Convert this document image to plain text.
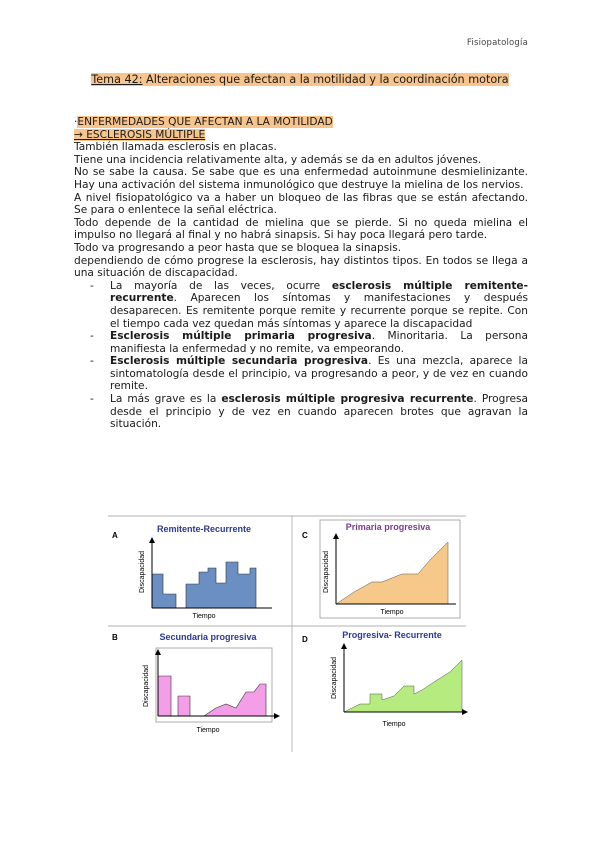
Fisiopatología
Tema 42: Alteraciones que afectan a la motilidad y la coordinación motora

·ENFERMEDADES QUE AFECTAN A LA MOTILIDAD

→ ESCLEROSIS MÚLTIPLE

También llamada esclerosis en placas.

Tiene una incidencia relativamente alta, y además se da en adultos jóvenes.

No se sabe la causa. Se sabe que es una enfermedad autoinmune desmielinizante. Hay una activación del sistema inmunológico que destruye la mielina de los nervios.

A nivel fisiopatológico va a haber un bloqueo de las fibras que se están afectando. Se para o enlentece la señal eléctrica.

Todo depende de la cantidad de mielina que se pierde. Si no queda mielina el impulso no llegará al final y no habrá sinapsis. Si hay poca llegará pero tarde.

Todo va progresando a peor hasta que se bloquea la sinapsis.

dependiendo de cómo progrese la esclerosis, hay distintos tipos. En todos se llega a una situación de discapacidad.

- La mayoría de las veces, ocurre esclerosis múltiple remitente-recurrente. Aparecen los síntomas y manifestaciones y después desaparecen. Es remitente porque remite y recurrente porque se repite. Con el tiempo cada vez quedan más síntomas y aparece la discapacidad
- Esclerosis múltiple primaria progresiva. Minoritaria. La persona manifiesta la enfermedad y no remite, va empeorando.
- Esclerosis múltiple secundaria progresiva. Es una mezcla, aparece la sintomatología desde el principio, va progresando a peor, y de vez en cuando remite.
- La más grave es la esclerosis múltiple progresiva recurrente. Progresa desde el principio y de vez en cuando aparecen brotes que agravan la situación.
A
Remitente-Recurrente
Tiempo
Discapacidad
C
Primaria progresiva
Tiempo
Discapacidad
B	Secundaria progresiva
Tiempo
Discapacidad
D	Progresiva- Recurrente
Tiempo
Discapacidad
